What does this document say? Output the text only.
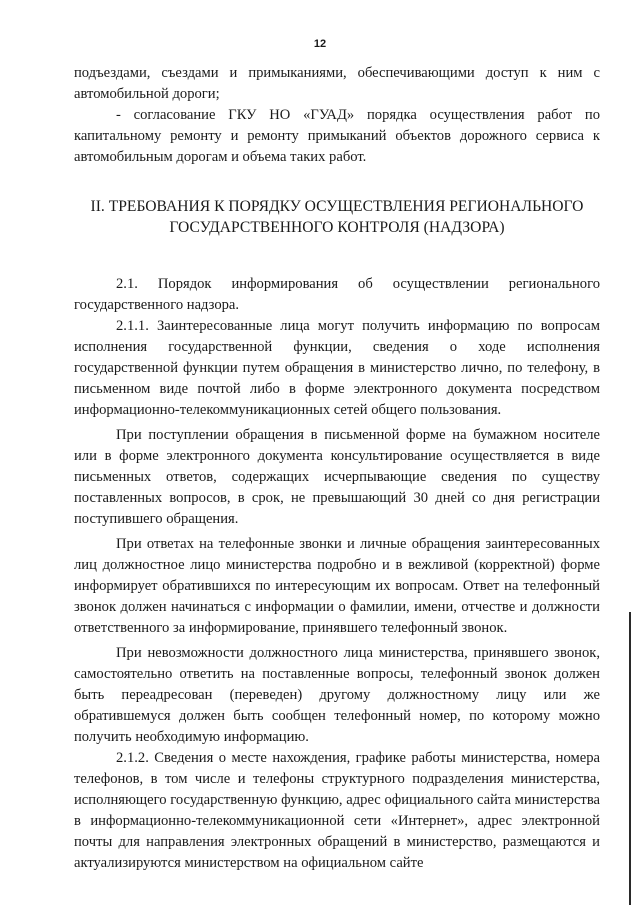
12

подъездами, съездами и примыканиями, обеспечивающими доступ к ним с автомобильной дороги;

- согласование ГКУ НО «ГУАД» порядка осуществления работ по капитальному ремонту и ремонту примыканий объектов дорожного сервиса к автомобильным дорогам и объема таких работ.

II. ТРЕБОВАНИЯ К ПОРЯДКУ ОСУЩЕСТВЛЕНИЯ РЕГИОНАЛЬНОГО
ГОСУДАРСТВЕННОГО КОНТРОЛЯ (НАДЗОРА)

2.1. Порядок информирования об осуществлении регионального государственного надзора.

2.1.1. Заинтересованные лица могут получить информацию по вопросам исполнения государственной функции, сведения о ходе исполнения государственной функции путем обращения в министерство лично, по телефону, в письменном виде почтой либо в форме электронного документа посредством информационно-телекоммуникационных сетей общего пользования.

При поступлении обращения в письменной форме на бумажном носителе или в форме электронного документа консультирование осуществляется в виде письменных ответов, содержащих исчерпывающие сведения по существу поставленных вопросов, в срок, не превышающий 30 дней со дня регистрации поступившего обращения.

При ответах на телефонные звонки и личные обращения заинтересованных лиц должностное лицо министерства подробно и в вежливой (корректной) форме информирует обратившихся по интересующим их вопросам. Ответ на телефонный звонок должен начинаться с информации о фамилии, имени, отчестве и должности ответственного за информирование, принявшего телефонный звонок.

При невозможности должностного лица министерства, принявшего звонок, самостоятельно ответить на поставленные вопросы, телефонный звонок должен быть переадресован (переведен) другому должностному лицу или же обратившемуся должен быть сообщен телефонный номер, по которому можно получить необходимую информацию.

2.1.2. Сведения о месте нахождения, графике работы министерства, номера телефонов, в том числе и телефоны структурного подразделения министерства, исполняющего государственную функцию, адрес официального сайта министерства в информационно-телекоммуникационной сети «Интернет», адрес электронной почты для направления электронных обращений в министерство, размещаются и актуализируются министерством на официальном сайте
